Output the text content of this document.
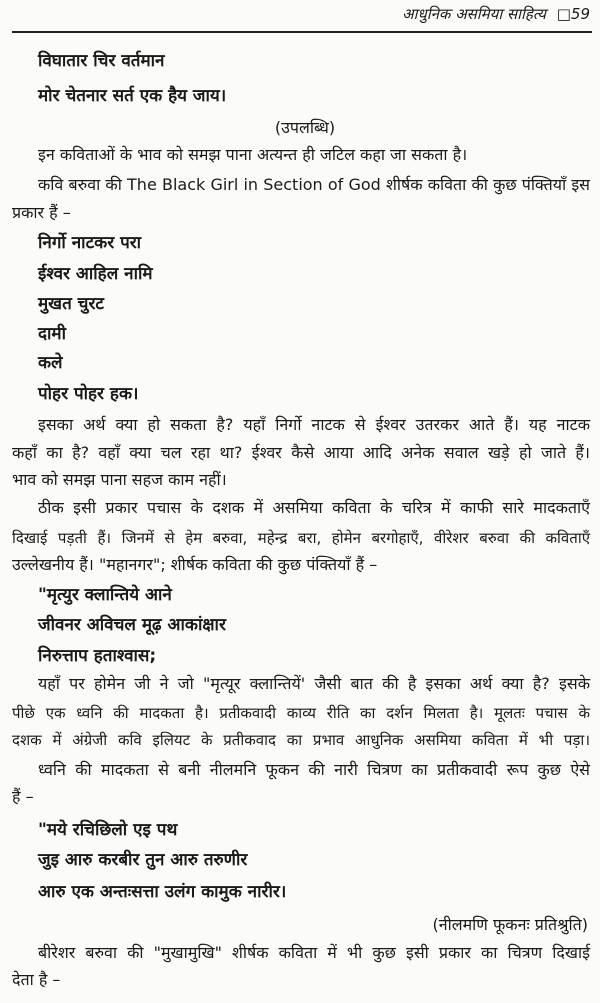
आधुनिक असमिया साहित्य □59
विघातार चिर वर्तमान
मोर चेतनार सर्त एक हैय जाय।
(उपलब्धि)
इन कविताओं के भाव को समझ पाना अत्यन्त ही जटिल कहा जा सकता है।
कवि बरुवा की The Black Girl in Section of God शीर्षक कविता की कुछ पंक्तियाँ इस
प्रकार हैं –
निर्गो नाटकर परा
ईश्वर आहिल नामि
मुखत चुरट
दामी
कले
पोहर पोहर हक।
इसका अर्थ क्या हो सकता है? यहाँ निर्गो नाटक से ईश्वर उतरकर आते हैं। यह नाटक
कहाँ का है? वहाँ क्या चल रहा था? ईश्वर कैसे आया आदि अनेक सवाल खड़े हो जाते हैं।
भाव को समझ पाना सहज काम नहीं।
ठीक इसी प्रकार पचास के दशक में असमिया कविता के चरित्र में काफी सारे मादकताएँ
दिखाई पड़ती हैं। जिनमें से हेम बरुवा, महेन्द्र बरा, होमेन बरगोहाएँ, वीरेशर बरुवा की कविताएँ
उल्लेखनीय हैं। "महानगर"; शीर्षक कविता की कुछ पंक्तियाँ हैं –
"मृत्युर क्लान्तिये आने
जीवनर अविचल मूढ़ आकांक्षार
निरुत्ताप हताश्वास;
यहाँ पर होमेन जी ने जो "मृत्यूर क्लान्तियें' जैसी बात की है इसका अर्थ क्या है? इसके
पीछे एक ध्वनि की मादकता है। प्रतीकवादी काव्य रीति का दर्शन मिलता है। मूलतः पचास के
दशक में अंग्रेजी कवि इलियट के प्रतीकवाद का प्रभाव आधुनिक असमिया कविता में भी पड़ा।
ध्वनि की मादकता से बनी नीलमनि फूकन की नारी चित्रण का प्रतीकवादी रूप कुछ ऐसे
हैं –
"मये रचिछिलो एइ पथ
जुइ आरु करबीर तुन आरु तरुणीर
आरु एक अन्तःसत्ता उलंग कामुक नारीर।
(नीलमणि फूकनः प्रतिश्रुति)
बीरेशर बरुवा की "मुखामुखि" शीर्षक कविता में भी कुछ इसी प्रकार का चित्रण दिखाई
देता है –
